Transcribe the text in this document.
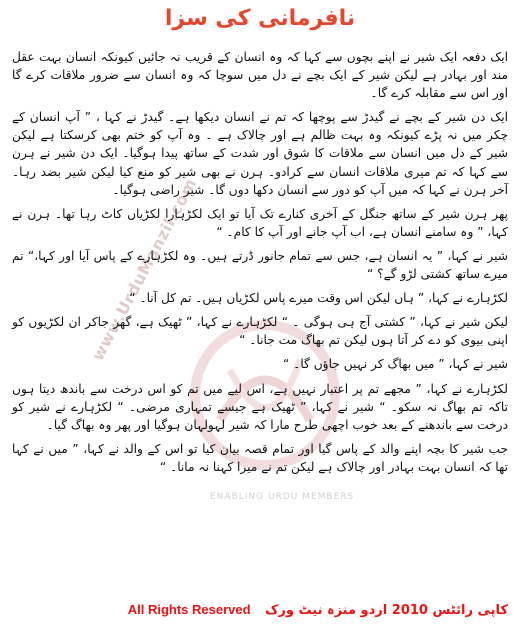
www.UrduManzil.com
ENABLING URDU MEMBERS
نافرمانی کی سزا

ایک دفعہ ایک شیر نے اپنے بچوں سے کہا کہ وہ انسان کے قریب نہ جائیں کیونکہ انسان بہت عقل مند اور بہادر ہے لیکن شیر کے ایک بچے نے دل میں سوچا کہ وہ انسان سے ضرور ملاقات کرے گا اور اس سے مقابلہ کرے گا۔

ایک دن شیر کے بچے نے گیدڑ سے پوچھا کہ تم نے انسان دیکھا ہے۔ گیدڑ نے کہا ، ” آپ انسان کے چکر میں نہ پڑے کیونکہ وہ بہت ظالم ہے اور چالاک ہے ۔ وہ آپ کو ختم بھی کرسکتا ہے لیکن شیر کے دل میں انسان سے ملاقات کا شوق اور شدت کے ساتھ پیدا ہوگیا۔ ایک دن شیر نے ہرن سے کہا کہ تم میری ملاقات انسان سے کرادو۔ ہرن نے بھی شیر کو منع کیا لیکن شیر بضد رہا۔ آخر ہرن نے کہا کہ میں آپ کو دور سے انسان دکھا دوں گا۔ شیر راضی ہوگیا۔

پھر ہرن شیر کے ساتھ جنگل کے آخری کنارے تک آیا تو ایک لکڑہارا لکڑیاں کاٹ رہا تھا۔ ہرن نے کہا، ” وہ سامنے انسان ہے، اب آپ جانے اور آپ کا کام۔ “

شیر نے کہا، ” یہ انسان ہے، جس سے تمام جانور ڈرتے ہیں۔ وہ لکڑہارے کے پاس آیا اور کہا،“ تم میرے ساتھ کشتی لڑو گے؟ “

لکڑہارے نے کہا، ” ہاں لیکن اس وقت میرے پاس لکڑیاں ہیں۔ تم کل آنا۔ “

لیکن شیر نے کہا، ” کشتی آج ہی ہوگی ۔ “ لکڑہارے نے کہا، ” ٹھیک ہے، گھر جاکر ان لکڑیوں کو اپنی بیوی کو دے کر آتا ہوں لیکن تم بھاگ مت جانا۔ “

شیر نے کہا، ” میں بھاگ کر نہیں جاؤں گا۔ “

لکڑہارے نے کہا، ” مجھے تم پر اعتبار نہیں ہے، اس لیے میں تم کو اس درخت سے باندھ دیتا ہوں تاکہ تم بھاگ نہ سکو۔ “ شیر نے کہا، ” ٹھیک ہے جیسے تمہاری مرضی۔ “ لکڑہارے نے شیر کو درخت سے باندھنے کے بعد خوب اچھی طرح مارا کہ شیر لہولہان ہوگیا اور پھر وہ بھاگ گیا۔

جب شیر کا بچہ اپنے والد کے پاس گیا اور تمام قصہ بیان کیا تو اس کے والد نے کہا، ” میں نے کہا تھا کہ انسان بہت بہادر اور چالاک ہے لیکن تم نے میرا کہنا نہ مانا۔ “

کاپی رائٹس 2010 اردو منزہ نیٹ ورک All Rights Reserved
